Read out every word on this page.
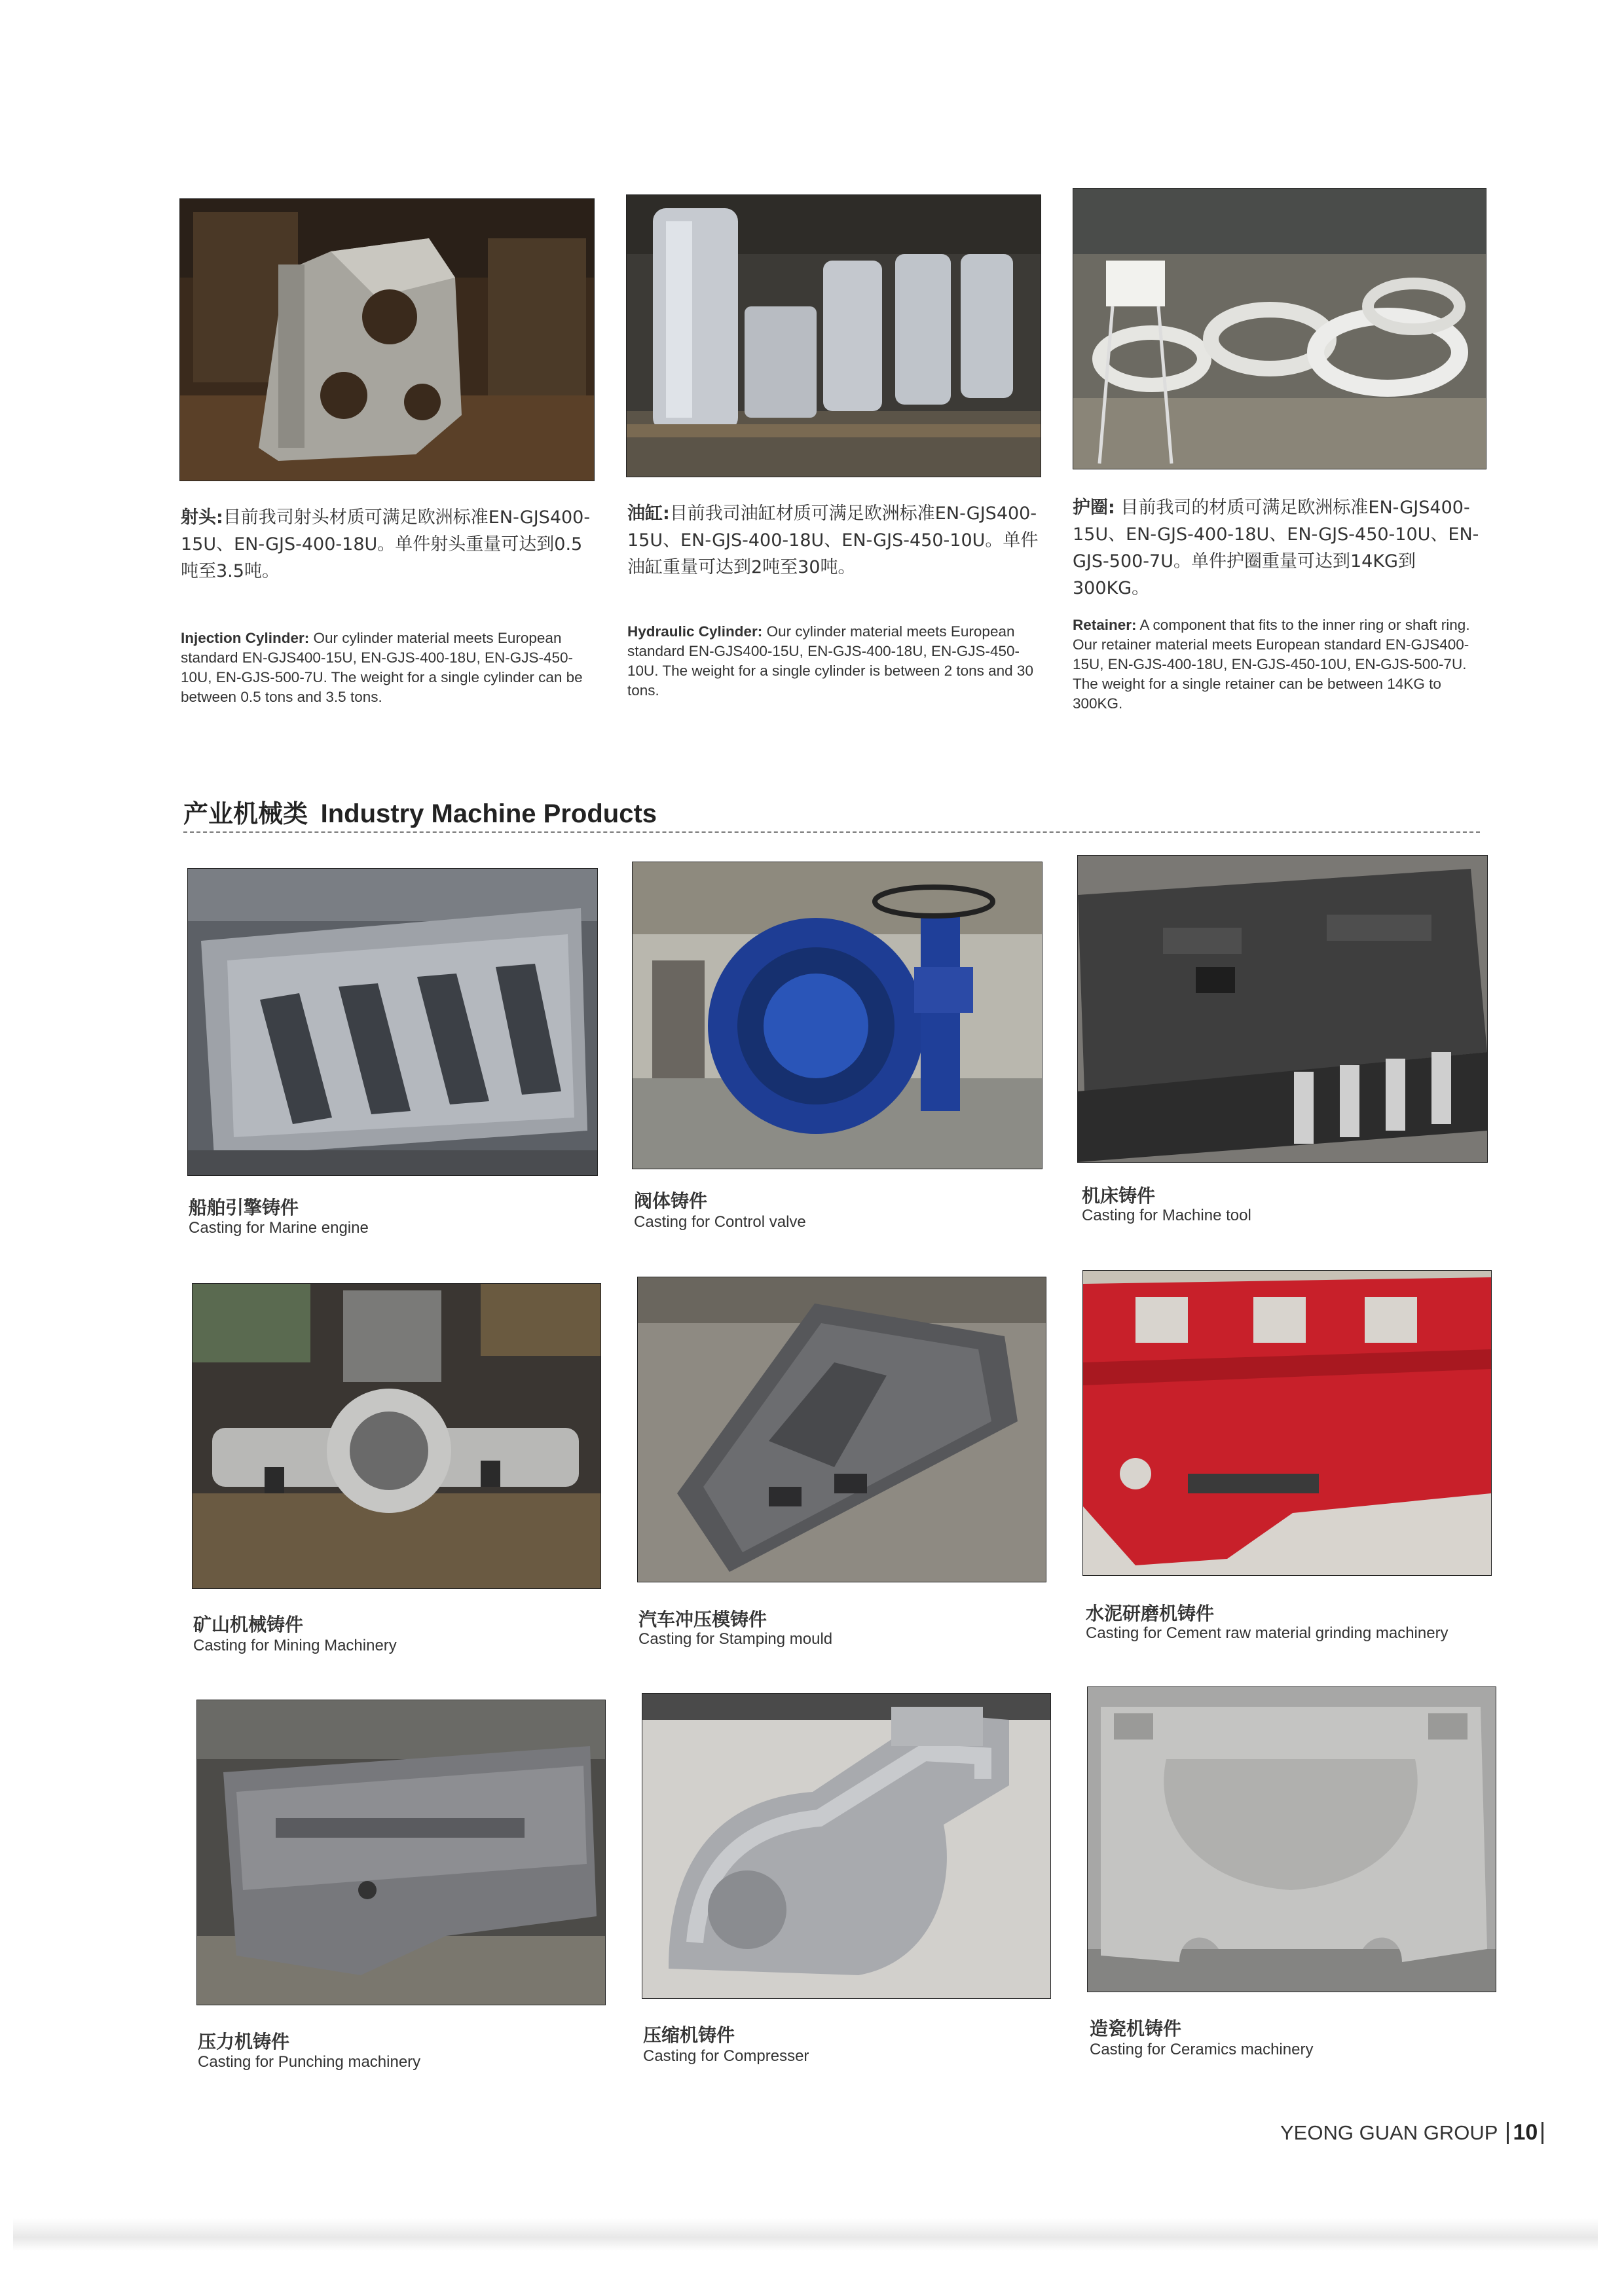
射头:目前我司射头材质可满足欧洲标准EN-GJS400-15U、EN-GJS-400-18U。单件射头重量可达到0.5吨至3.5吨。
Injection Cylinder: Our cylinder material meets European standard EN-GJS400-15U, EN-GJS-400-18U, EN-GJS-450-10U, EN-GJS-500-7U. The weight for a single cylinder can be between 0.5 tons and 3.5 tons.
油缸:目前我司油缸材质可满足欧洲标准EN-GJS400-15U、EN-GJS-400-18U、EN-GJS-450-10U。单件油缸重量可达到2吨至30吨。
Hydraulic Cylinder: Our cylinder material meets European standard EN-GJS400-15U, EN-GJS-400-18U, EN-GJS-450-10U. The weight for a single cylinder is between 2 tons and 30 tons.
护圈: 目前我司的材质可满足欧洲标准EN-GJS400-15U、EN-GJS-400-18U、EN-GJS-450-10U、EN-GJS-500-7U。单件护圈重量可达到14KG到300KG。
Retainer: A component that fits to the inner ring or shaft ring. Our retainer material meets European standard EN-GJS400-15U, EN-GJS-400-18U, EN-GJS-450-10U, EN-GJS-500-7U. The weight for a single retainer can be between 14KG to 300KG.
产业机械类 Industry Machine Products
船舶引擎铸件
Casting for Marine engine
阀体铸件
Casting for Control valve
机床铸件
Casting for Machine tool
矿山机械铸件
Casting for Mining Machinery
汽车冲压模铸件
Casting for Stamping mould
水泥研磨机铸件
Casting for Cement raw material grinding machinery
压力机铸件
Casting for Punching machinery
压缩机铸件
Casting for Compresser
造瓷机铸件
Casting for Ceramics machinery
YEONG GUAN GROUP 10
